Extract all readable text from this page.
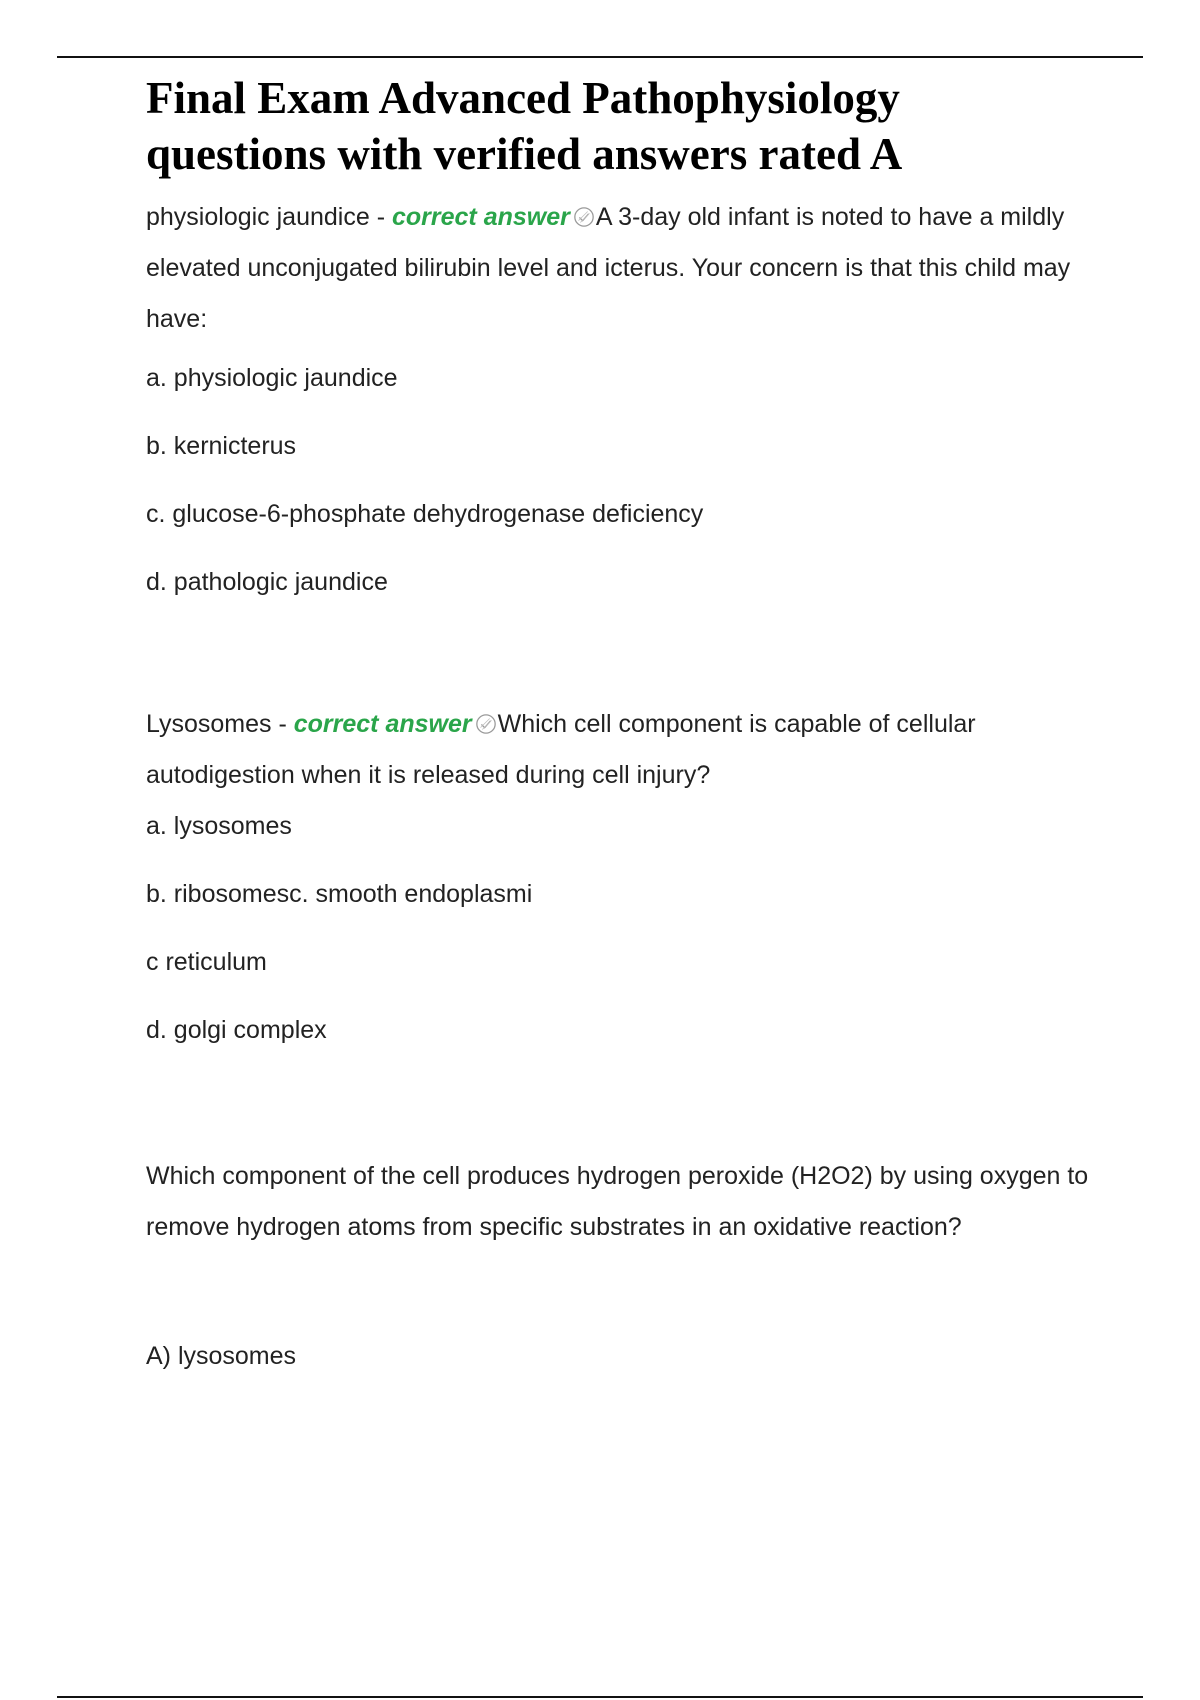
Final Exam Advanced Pathophysiology
questions with verified answers rated A

physiologic jaundice - correct answer A 3-day old infant is noted to have a mildly elevated unconjugated bilirubin level and icterus. Your concern is that this child may have:

a. physiologic jaundice

b. kernicterus

c. glucose-6-phosphate dehydrogenase deficiency

d. pathologic jaundice

Lysosomes - correct answer Which cell component is capable of cellular autodigestion when it is released during cell injury?

a. lysosomes

b. ribosomesc. smooth endoplasmi

c reticulum

d. golgi complex

Which component of the cell produces hydrogen peroxide (H2O2) by using oxygen to remove hydrogen atoms from specific substrates in an oxidative reaction?

A) lysosomes
